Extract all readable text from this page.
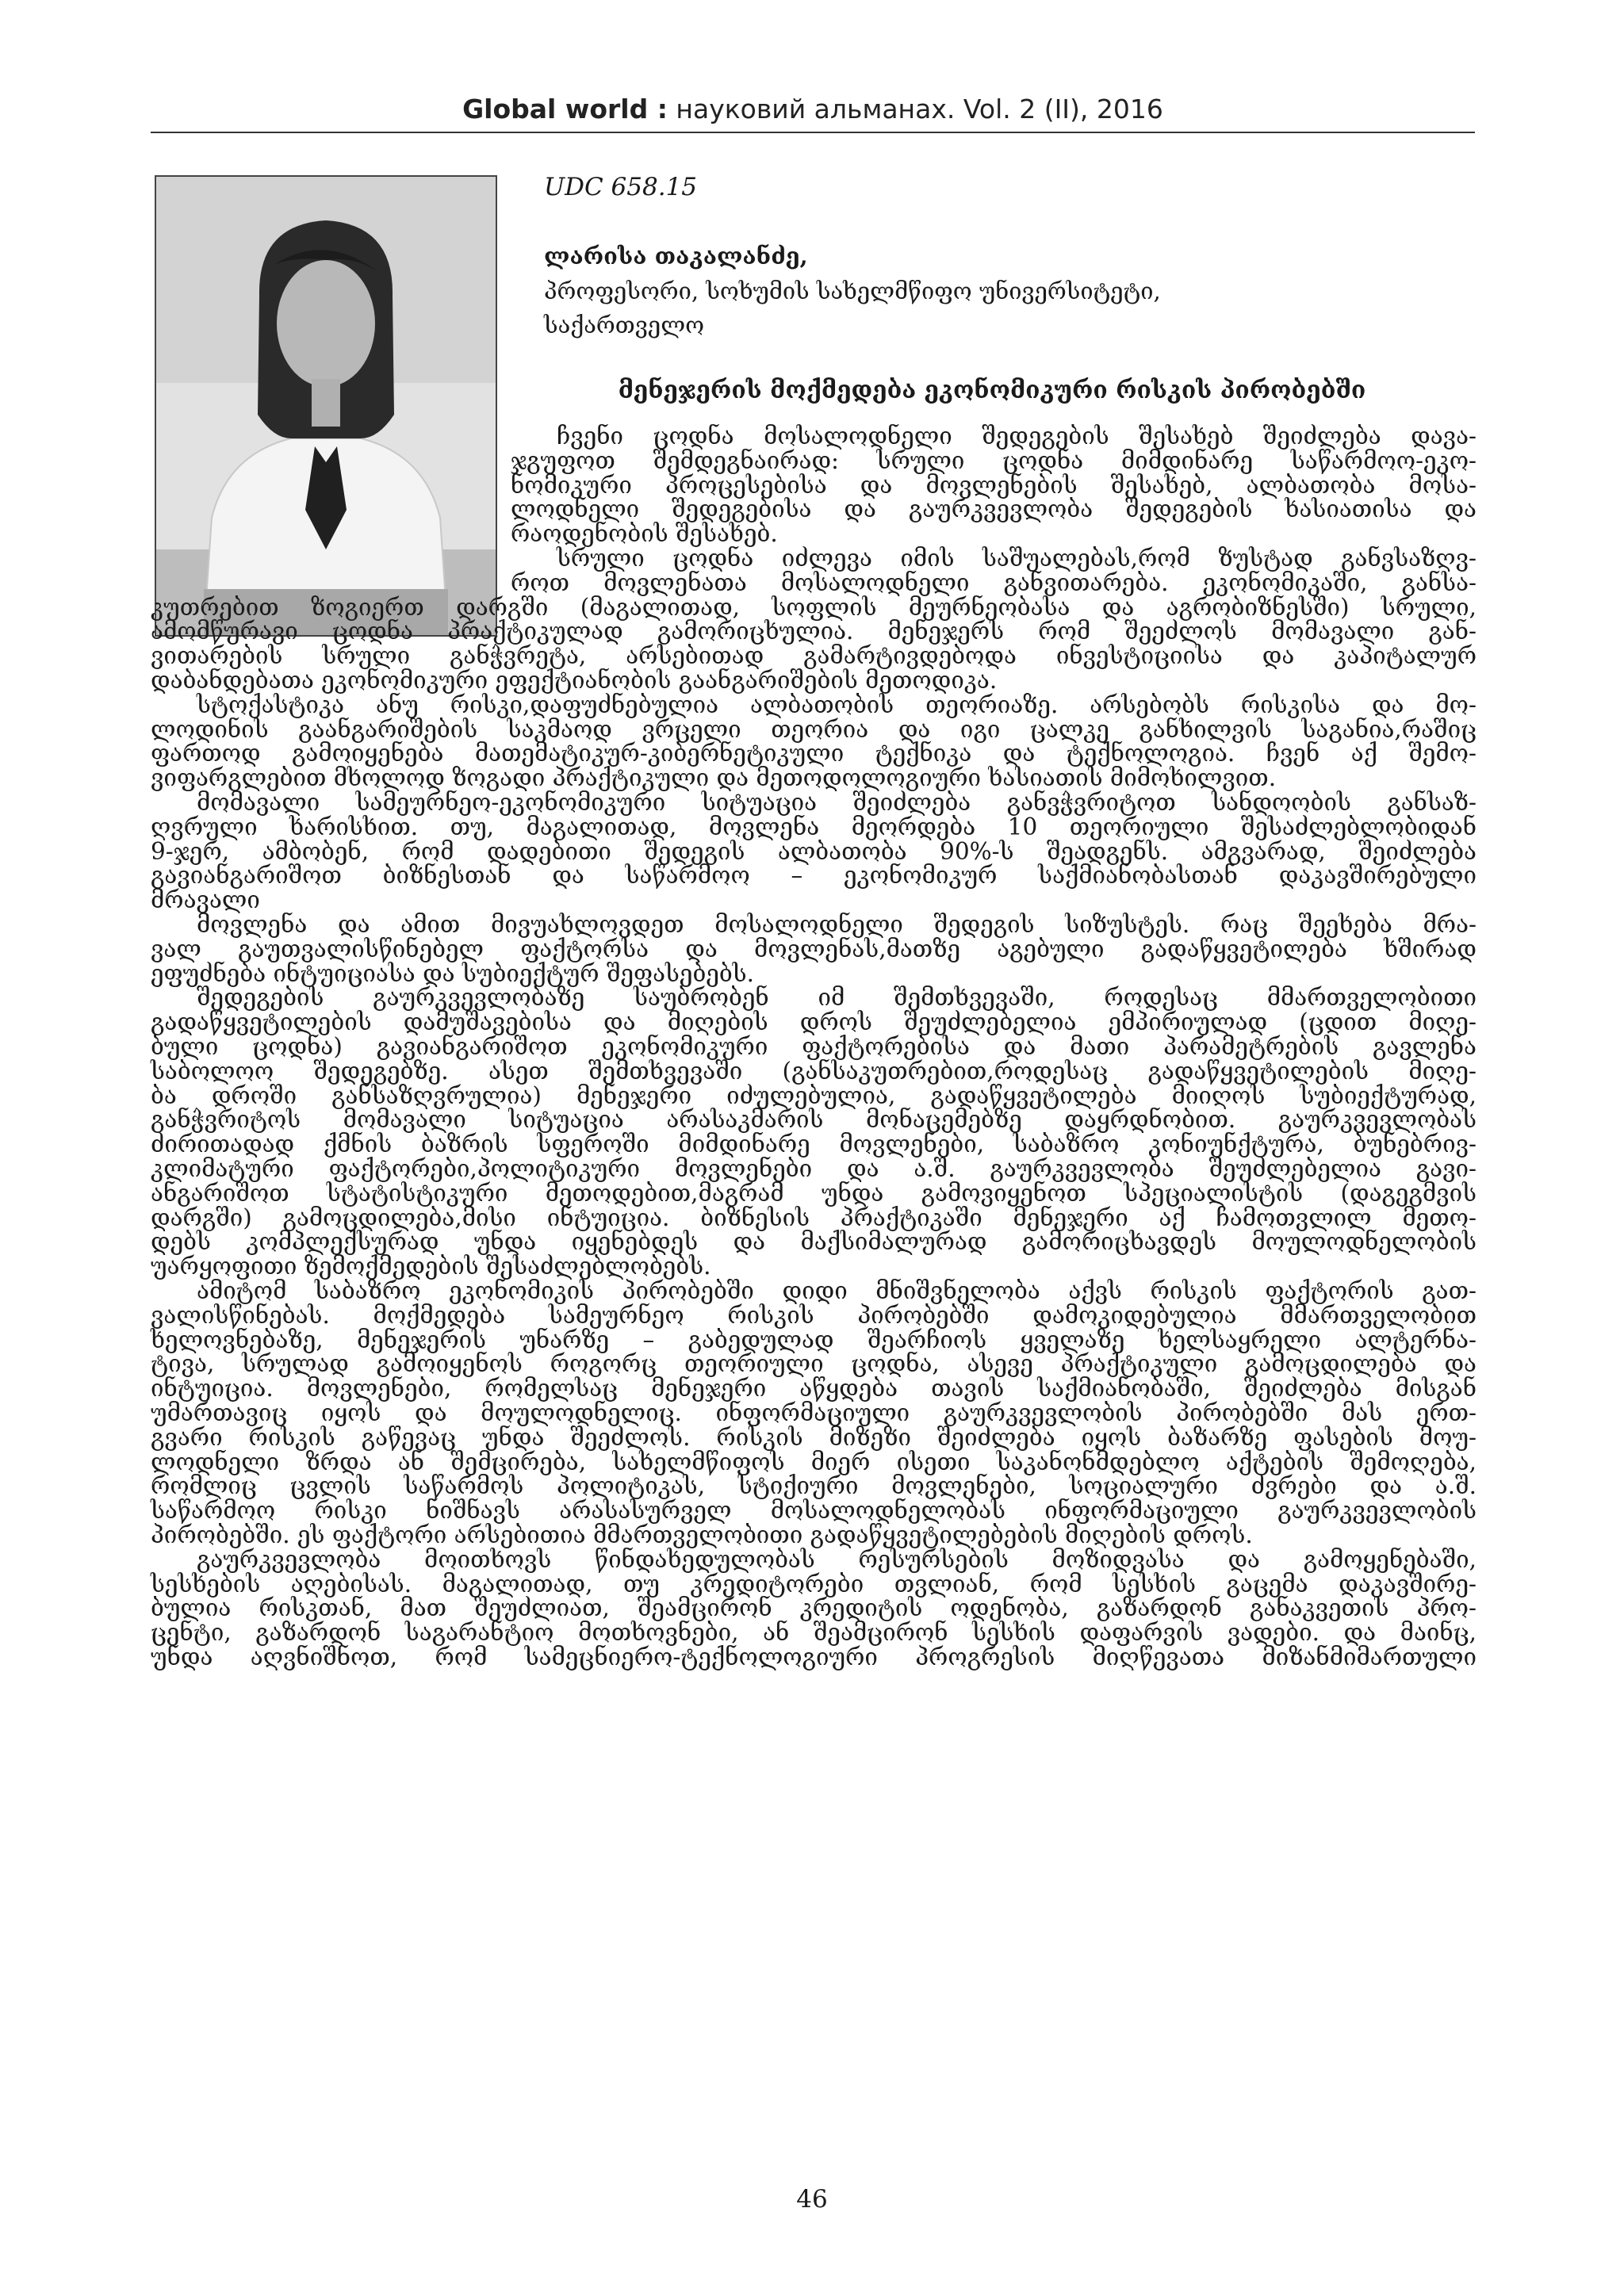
Global world : науковий альманах. Vol. 2 (II), 2016
UDC 658.15
ლარისა თაკალანძე,
პროფესორი, სოხუმის სახელმწიფო უნივერსიტეტი,
საქართველო
მენეჯერის მოქმედება ეკონომიკური რისკის პირობებში
ჩვენი ცოდნა მოსალოდნელი შედეგების შესახებ შეიძლება დავა-
ჯგუფოთ შემდეგნაირად: სრული ცოდნა მიმდინარე საწარმოო-ეკო-
ნომიკური პროცესებისა და მოვლენების შესახებ, ალბათობა მოსა-
ლოდნელი შედეგებისა და გაურკვევლობა შედეგების ხასიათისა და
რაოდენობის შესახებ.
სრული ცოდნა იძლევა იმის საშუალებას,რომ ზუსტად განვსაზღვ-
როთ მოვლენათა მოსალოდნელი განვითარება. ეკონომიკაში, განსა-
კუთრებით ზოგიერთ დარგში (მაგალითად, სოფლის მეურნეობასა და აგრობიზნესში) სრული,
ამომწურავი ცოდნა პრაქტიკულად გამორიცხულია. მენეჯერს რომ შეეძლოს მომავალი გან-
ვითარების სრული განჭვრეტა, არსებითად გამარტივდებოდა ინვესტიციისა და კაპიტალურ
დაბანდებათა ეკონომიკური ეფექტიანობის გაანგარიშების მეთოდიკა.
სტოქასტიკა ანუ რისკი,დაფუძნებულია ალბათობის თეორიაზე. არსებობს რისკისა და მო-
ლოდინის გაანგარიშების საკმაოდ ვრცელი თეორია და იგი ცალკე განხილვის საგანია,რაშიც
ფართოდ გამოიყენება მათემატიკურ-კიბერნეტიკული ტექნიკა და ტექნოლოგია. ჩვენ აქ შემო-
ვიფარგლებით მხოლოდ ზოგადი პრაქტიკული და მეთოდოლოგიური ხასიათის მიმოხილვით.
მომავალი სამეურნეო-ეკონომიკური სიტუაცია შეიძლება განვჭვრიტოთ სანდოობის განსაზ-
ღვრული ხარისხით. თუ, მაგალითად, მოვლენა მეორდება 10 თეორიული შესაძლებლობიდან
9-ჯერ, ამბობენ, რომ დადებითი შედეგის ალბათობა 90%-ს შეადგენს. ამგვარად, შეიძლება
გავიანგარიშოთ ბიზნესთან და საწარმოო – ეკონომიკურ საქმიანობასთან დაკავშირებული
მრავალი
მოვლენა და ამით მივუახლოვდეთ მოსალოდნელი შედეგის სიზუსტეს. რაც შეეხება მრა-
ვალ გაუთვალისწინებელ ფაქტორსა და მოვლენას,მათზე აგებული გადაწყვეტილება ხშირად
ეფუძნება ინტუიციასა და სუბიექტურ შეფასებებს.
შედეგების გაურკვევლობაზე საუბრობენ იმ შემთხვევაში, როდესაც მმართველობითი
გადაწყვეტილების დამუშავებისა და მიღების დროს შეუძლებელია ემპირიულად (ცდით მიღე-
ბული ცოდნა) გავიანგარიშოთ ეკონომიკური ფაქტორებისა და მათი პარამეტრების გავლენა
საბოლოო შედეგებზე. ასეთ შემთხვევაში (განსაკუთრებით,როდესაც გადაწყვეტილების მიღე-
ბა დროში განსაზღვრულია) მენეჯერი იძულებულია, გადაწყვეტილება მიიღოს სუბიექტურად,
განჭვრიტოს მომავალი სიტუაცია არასაკმარის მონაცემებზე დაყრდნობით. გაურკვევლობას
ძირითადად ქმნის ბაზრის სფეროში მიმდინარე მოვლენები, საბაზრო კონიუნქტურა, ბუნებრივ-
კლიმატური ფაქტორები,პოლიტიკური მოვლენები და ა.შ. გაურკვევლობა შეუძლებელია გავი-
ანგარიშოთ სტატისტიკური მეთოდებით,მაგრამ უნდა გამოვიყენოთ სპეციალისტის (დაგეგმვის
დარგში) გამოცდილება,მისი ინტუიცია. ბიზნესის პრაქტიკაში მენეჯერი აქ ჩამოთვლილ მეთო-
დებს კომპლექსურად უნდა იყენებდეს და მაქსიმალურად გამორიცხავდეს მოულოდნელობის
უარყოფითი ზემოქმედების შესაძლებლობებს.
ამიტომ საბაზრო ეკონომიკის პირობებში დიდი მნიშვნელობა აქვს რისკის ფაქტორის გათ-
ვალისწინებას. მოქმედება სამეურნეო რისკის პირობებში დამოკიდებულია მმართველობით
ხელოვნებაზე, მენეჯერის უნარზე – გაბედულად შეარჩიოს ყველაზე ხელსაყრელი ალტერნა-
ტივა, სრულად გამოიყენოს როგორც თეორიული ცოდნა, ასევე პრაქტიკული გამოცდილება და
ინტუიცია. მოვლენები, რომელსაც მენეჯერი აწყდება თავის საქმიანობაში, შეიძლება მისგან
უმართავიც იყოს და მოულოდნელიც. ინფორმაციული გაურკვევლობის პირობებში მას ერთ-
გვარი რისკის გაწევაც უნდა შეეძლოს. რისკის მიზეზი შეიძლება იყოს ბაზარზე ფასების მოუ-
ლოდნელი ზრდა ან შემცირება, სახელმწიფოს მიერ ისეთი საკანონმდებლო აქტების შემოღება,
რომლიც ცვლის საწარმოს პოლიტიკას, სტიქიური მოვლენები, სოციალური ძვრები და ა.შ.
საწარმოო რისკი ნიშნავს არასასურველ მოსალოდნელობას ინფორმაციული გაურკვევლობის
პირობებში. ეს ფაქტორი არსებითია მმართველობითი გადაწყვეტილებების მიღების დროს.
გაურკვევლობა მოითხოვს წინდახედულობას რესურსების მოზიდვასა და გამოყენებაში,
სესხების აღებისას. მაგალითად, თუ კრედიტორები თვლიან, რომ სესხის გაცემა დაკავშირე-
ბულია რისკთან, მათ შეუძლიათ, შეამცირონ კრედიტის ოდენობა, გაზარდონ განაკვეთის პრო-
ცენტი, გაზარდონ საგარანტიო მოთხოვნები, ან შეამცირონ სესხის დაფარვის ვადები. და მაინც,
უნდა აღვნიშნოთ, რომ სამეცნიერო-ტექნოლოგიური პროგრესის მიღწევათა მიზანმიმართული
46
